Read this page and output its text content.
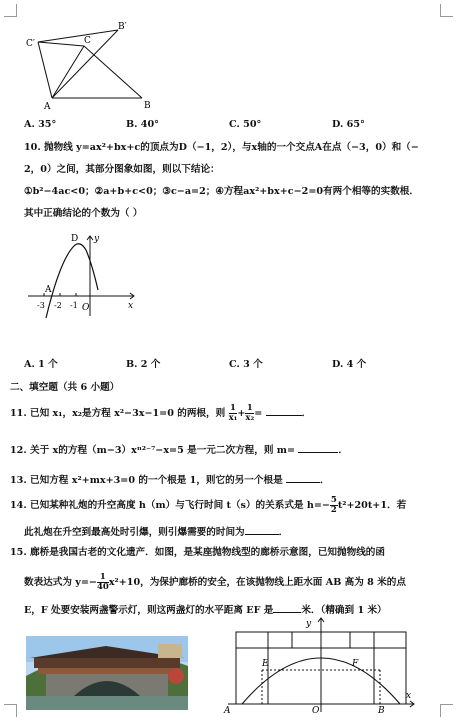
C′	C
B′
A	B
A. 35°	B. 40°	C. 50°	D. 65°
10. 抛物线 y=ax²+bx+c的顶点为D（−1，2），与x轴的一个交点A在点（−3，0）和（−
2，0）之间，其部分图象如图，则以下结论：
①b²−4ac<0；②a+b+c<0；③c−a=2；④方程ax²+bx+c−2=0有两个相等的实数根．
其中正确结论的个数为（ ）
D y
A
x
-3 -2 -1 O
A. 1 个	B. 2 个	C. 3 个	D. 4 个
二、填空题（共 6 小题）
11. 已知 x₁，x₂是方程 x²−3x−1=0 的两根，则 $\frac{1}{\text{x₁}} + \frac{1}{\text{x₂}}$ =	．
12. 关于 x的方程（m−3）xⁿ²⁻⁷−x=5 是一元二次方程，则 m=	．
13. 已知方程 x²+mx+3=0 的一个根是 1，则它的另一个根是	．
14. 已知某种礼炮的升空高度 h（m）与飞行时间 t（s）的关系式是 $h=- \frac{5}{2} t^2+20t+1$．若
此礼炮在升空到最高处时引爆，则引爆需要的时间为	．
15. 廊桥是我国古老的文化遗产．如图，是某座抛物线型的廊桥示意图，已知抛物线的函
数表达式为 $y=- \frac{1}{40} x^2+10$，为保护廊桥的安全，在该抛物线上距水面 AB 高为 8 米的点
E，F 处要安装两盏警示灯，则这两盏灯的水平距离 EF 是	米．（精确到 1 米）
y
E	F
A	O	B
x
